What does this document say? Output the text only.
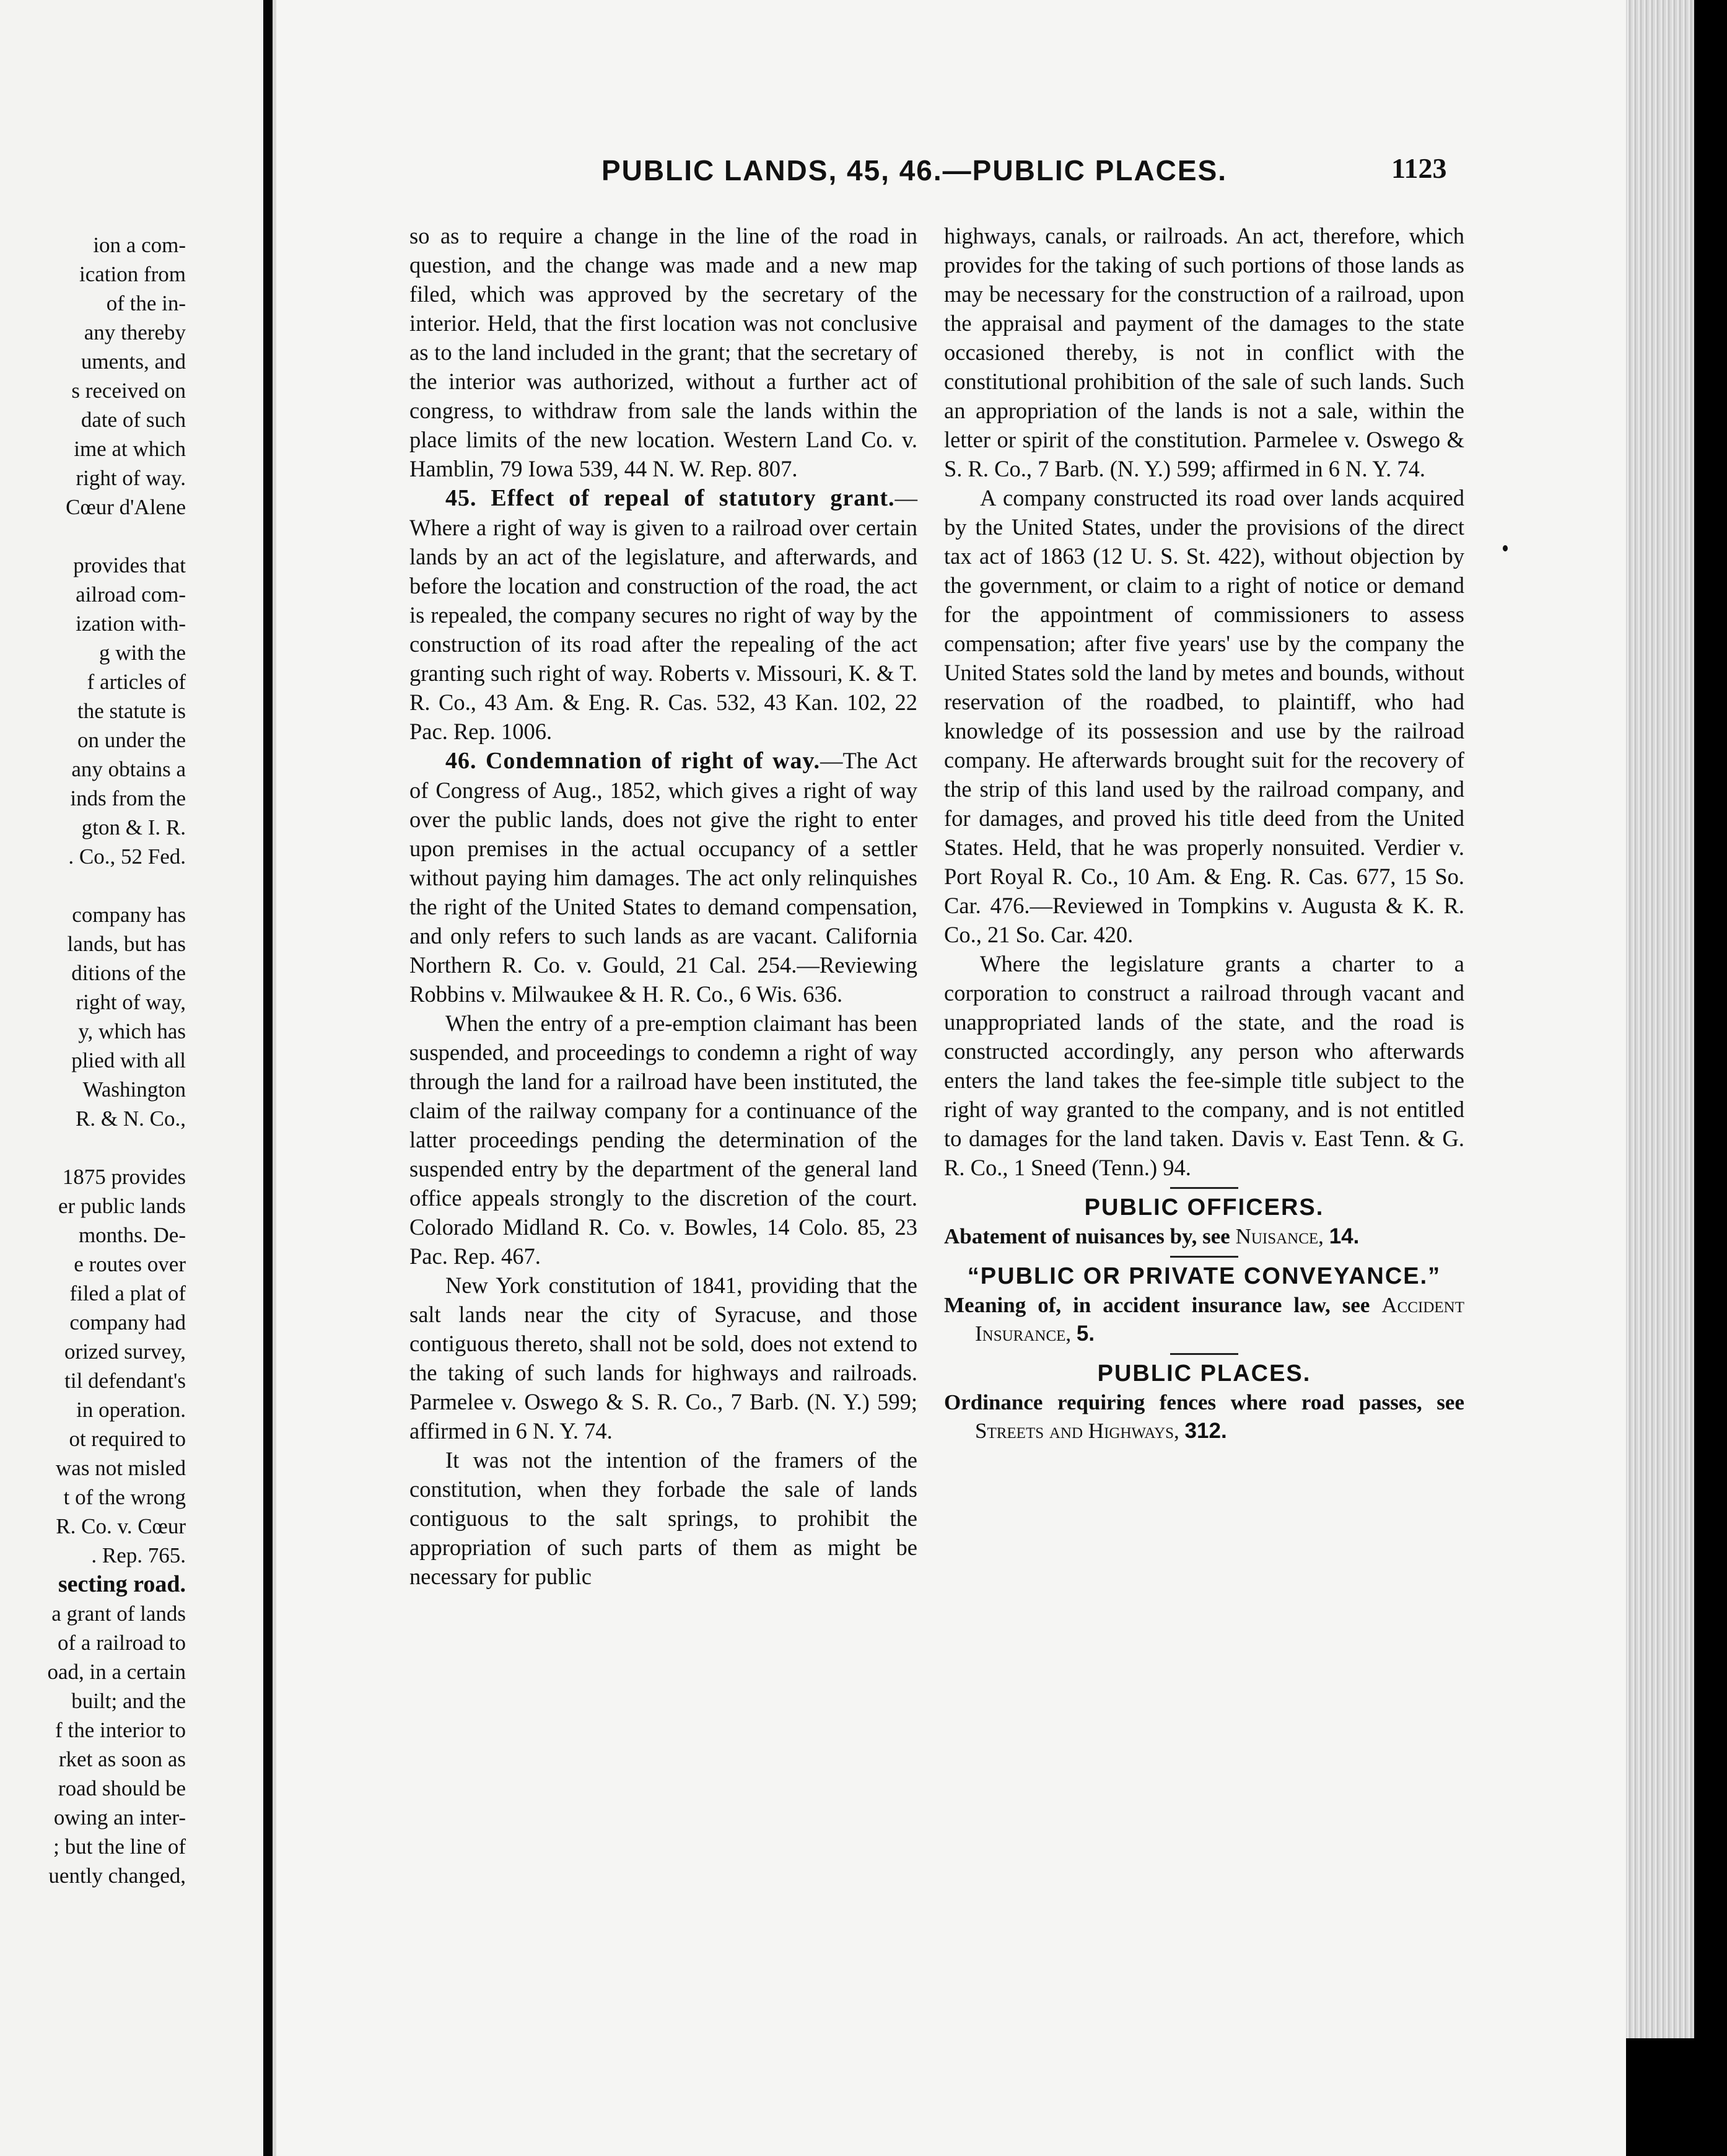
ion a com-

ication from

of the in-

any thereby

uments, and

s received on

date of such

ime at which

right of way.

Cœur d'Alene

provides that

ailroad com-

ization with-

g with the

f articles of

the statute is

on under the

any obtains a

inds from the

gton & I. R.

. Co., 52 Fed.

company has

lands, but has

ditions of the

right of way,

y, which has

plied with all

Washington

R. & N. Co.,

1875 provides

er public lands

months. De-

e routes over

filed a plat of

company had

orized survey,

til defendant's

in operation.

ot required to

was not misled

t of the wrong

R. Co. v. Cœur

. Rep. 765.

secting road.

a grant of lands

of a railroad to

oad, in a certain

built; and the

f the interior to

rket as soon as

road should be

owing an inter-

; but the line of

uently changed,

PUBLIC LANDS, 45, 46.—PUBLIC PLACES.	1123

so as to require a change in the line of the road in question, and the change was made and a new map filed, which was approved by the secretary of the interior. Held, that the first location was not conclusive as to the land included in the grant; that the secretary of the interior was authorized, without a further act of congress, to withdraw from sale the lands within the place limits of the new location. Western Land Co. v. Hamblin, 79 Iowa 539, 44 N. W. Rep. 807.

45. Effect of repeal of statutory grant.—Where a right of way is given to a railroad over certain lands by an act of the legislature, and afterwards, and before the location and construction of the road, the act is repealed, the company secures no right of way by the construction of its road after the repealing of the act granting such right of way. Roberts v. Missouri, K. & T. R. Co., 43 Am. & Eng. R. Cas. 532, 43 Kan. 102, 22 Pac. Rep. 1006.

46. Condemnation of right of way.—The Act of Congress of Aug., 1852, which gives a right of way over the public lands, does not give the right to enter upon premises in the actual occupancy of a settler without paying him damages. The act only relinquishes the right of the United States to demand compensation, and only refers to such lands as are vacant. California Northern R. Co. v. Gould, 21 Cal. 254.—Reviewing Robbins v. Milwaukee & H. R. Co., 6 Wis. 636.

When the entry of a pre-emption claimant has been suspended, and proceedings to condemn a right of way through the land for a railroad have been instituted, the claim of the railway company for a continuance of the latter proceedings pending the determination of the suspended entry by the department of the general land office appeals strongly to the discretion of the court. Colorado Midland R. Co. v. Bowles, 14 Colo. 85, 23 Pac. Rep. 467.

New York constitution of 1841, providing that the salt lands near the city of Syracuse, and those contiguous thereto, shall not be sold, does not extend to the taking of such lands for highways and railroads. Parmelee v. Oswego & S. R. Co., 7 Barb. (N. Y.) 599; affirmed in 6 N. Y. 74.

It was not the intention of the framers of the constitution, when they forbade the sale of lands contiguous to the salt springs, to prohibit the appropriation of such parts of them as might be necessary for public

highways, canals, or railroads. An act, therefore, which provides for the taking of such portions of those lands as may be necessary for the construction of a railroad, upon the appraisal and payment of the damages to the state occasioned thereby, is not in conflict with the constitutional prohibition of the sale of such lands. Such an appropriation of the lands is not a sale, within the letter or spirit of the constitution. Parmelee v. Oswego & S. R. Co., 7 Barb. (N. Y.) 599; affirmed in 6 N. Y. 74.

A company constructed its road over lands acquired by the United States, under the provisions of the direct tax act of 1863 (12 U. S. St. 422), without objection by the government, or claim to a right of notice or demand for the appointment of commissioners to assess compensation; after five years' use by the company the United States sold the land by metes and bounds, without reservation of the roadbed, to plaintiff, who had knowledge of its possession and use by the railroad company. He afterwards brought suit for the recovery of the strip of this land used by the railroad company, and for damages, and proved his title deed from the United States. Held, that he was properly nonsuited. Verdier v. Port Royal R. Co., 10 Am. & Eng. R. Cas. 677, 15 So. Car. 476.—Reviewed in Tompkins v. Augusta & K. R. Co., 21 So. Car. 420.

Where the legislature grants a charter to a corporation to construct a railroad through vacant and unappropriated lands of the state, and the road is constructed accordingly, any person who afterwards enters the land takes the fee-simple title subject to the right of way granted to the company, and is not entitled to damages for the land taken. Davis v. East Tenn. & G. R. Co., 1 Sneed (Tenn.) 94.

PUBLIC OFFICERS.

Abatement of nuisances by, see Nuisance, 14.

“PUBLIC OR PRIVATE CONVEYANCE.”

Meaning of, in accident insurance law, see Accident Insurance, 5.

PUBLIC PLACES.

Ordinance requiring fences where road passes, see Streets and Highways, 312.
